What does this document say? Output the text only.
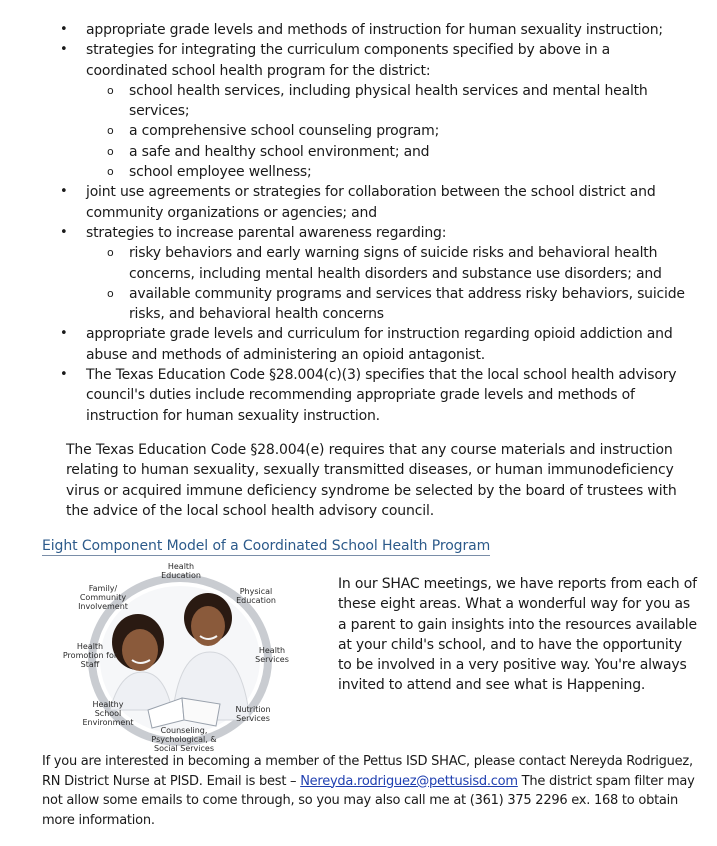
• appropriate grade levels and methods of instruction for human sexuality instruction;
• strategies for integrating the curriculum components specified by above in a coordinated school health program for the district:
o school health services, including physical health services and mental health services;
o a comprehensive school counseling program;
o a safe and healthy school environment; and
o school employee wellness;
• joint use agreements or strategies for collaboration between the school district and community organizations or agencies; and
• strategies to increase parental awareness regarding:
o risky behaviors and early warning signs of suicide risks and behavioral health concerns, including mental health disorders and substance use disorders; and
o available community programs and services that address risky behaviors, suicide risks, and behavioral health concerns
• appropriate grade levels and curriculum for instruction regarding opioid addiction and abuse and methods of administering an opioid antagonist.
• The Texas Education Code §28.004(c)(3) specifies that the local school health advisory council's duties include recommending appropriate grade levels and methods of instruction for human sexuality instruction.

The Texas Education Code §28.004(e) requires that any course materials and instruction relating to human sexuality, sexually transmitted diseases, or human immunodeficiency virus or acquired immune deficiency syndrome be selected by the board of trustees with the advice of the local school health advisory council.

Eight Component Model of a Coordinated School Health Program
Health Education
Physical Education
Health Services
Nutrition Services
Counseling, Psychological, & Social Services
Healthy School Environment
Health Promotion for Staff
Family/ Community Involvement

In our SHAC meetings, we have reports from each of these eight areas. What a wonderful way for you as a parent to gain insights into the resources available at your child's school, and to have the opportunity to be involved in a very positive way. You're always invited to attend and see what is Happening.

If you are interested in becoming a member of the Pettus ISD SHAC, please contact Nereyda Rodriguez, RN District Nurse at PISD. Email is best – Nereyda.rodriguez@pettusisd.com The district spam filter may not allow some emails to come through, so you may also call me at (361) 375 2296 ex. 168 to obtain more information.
